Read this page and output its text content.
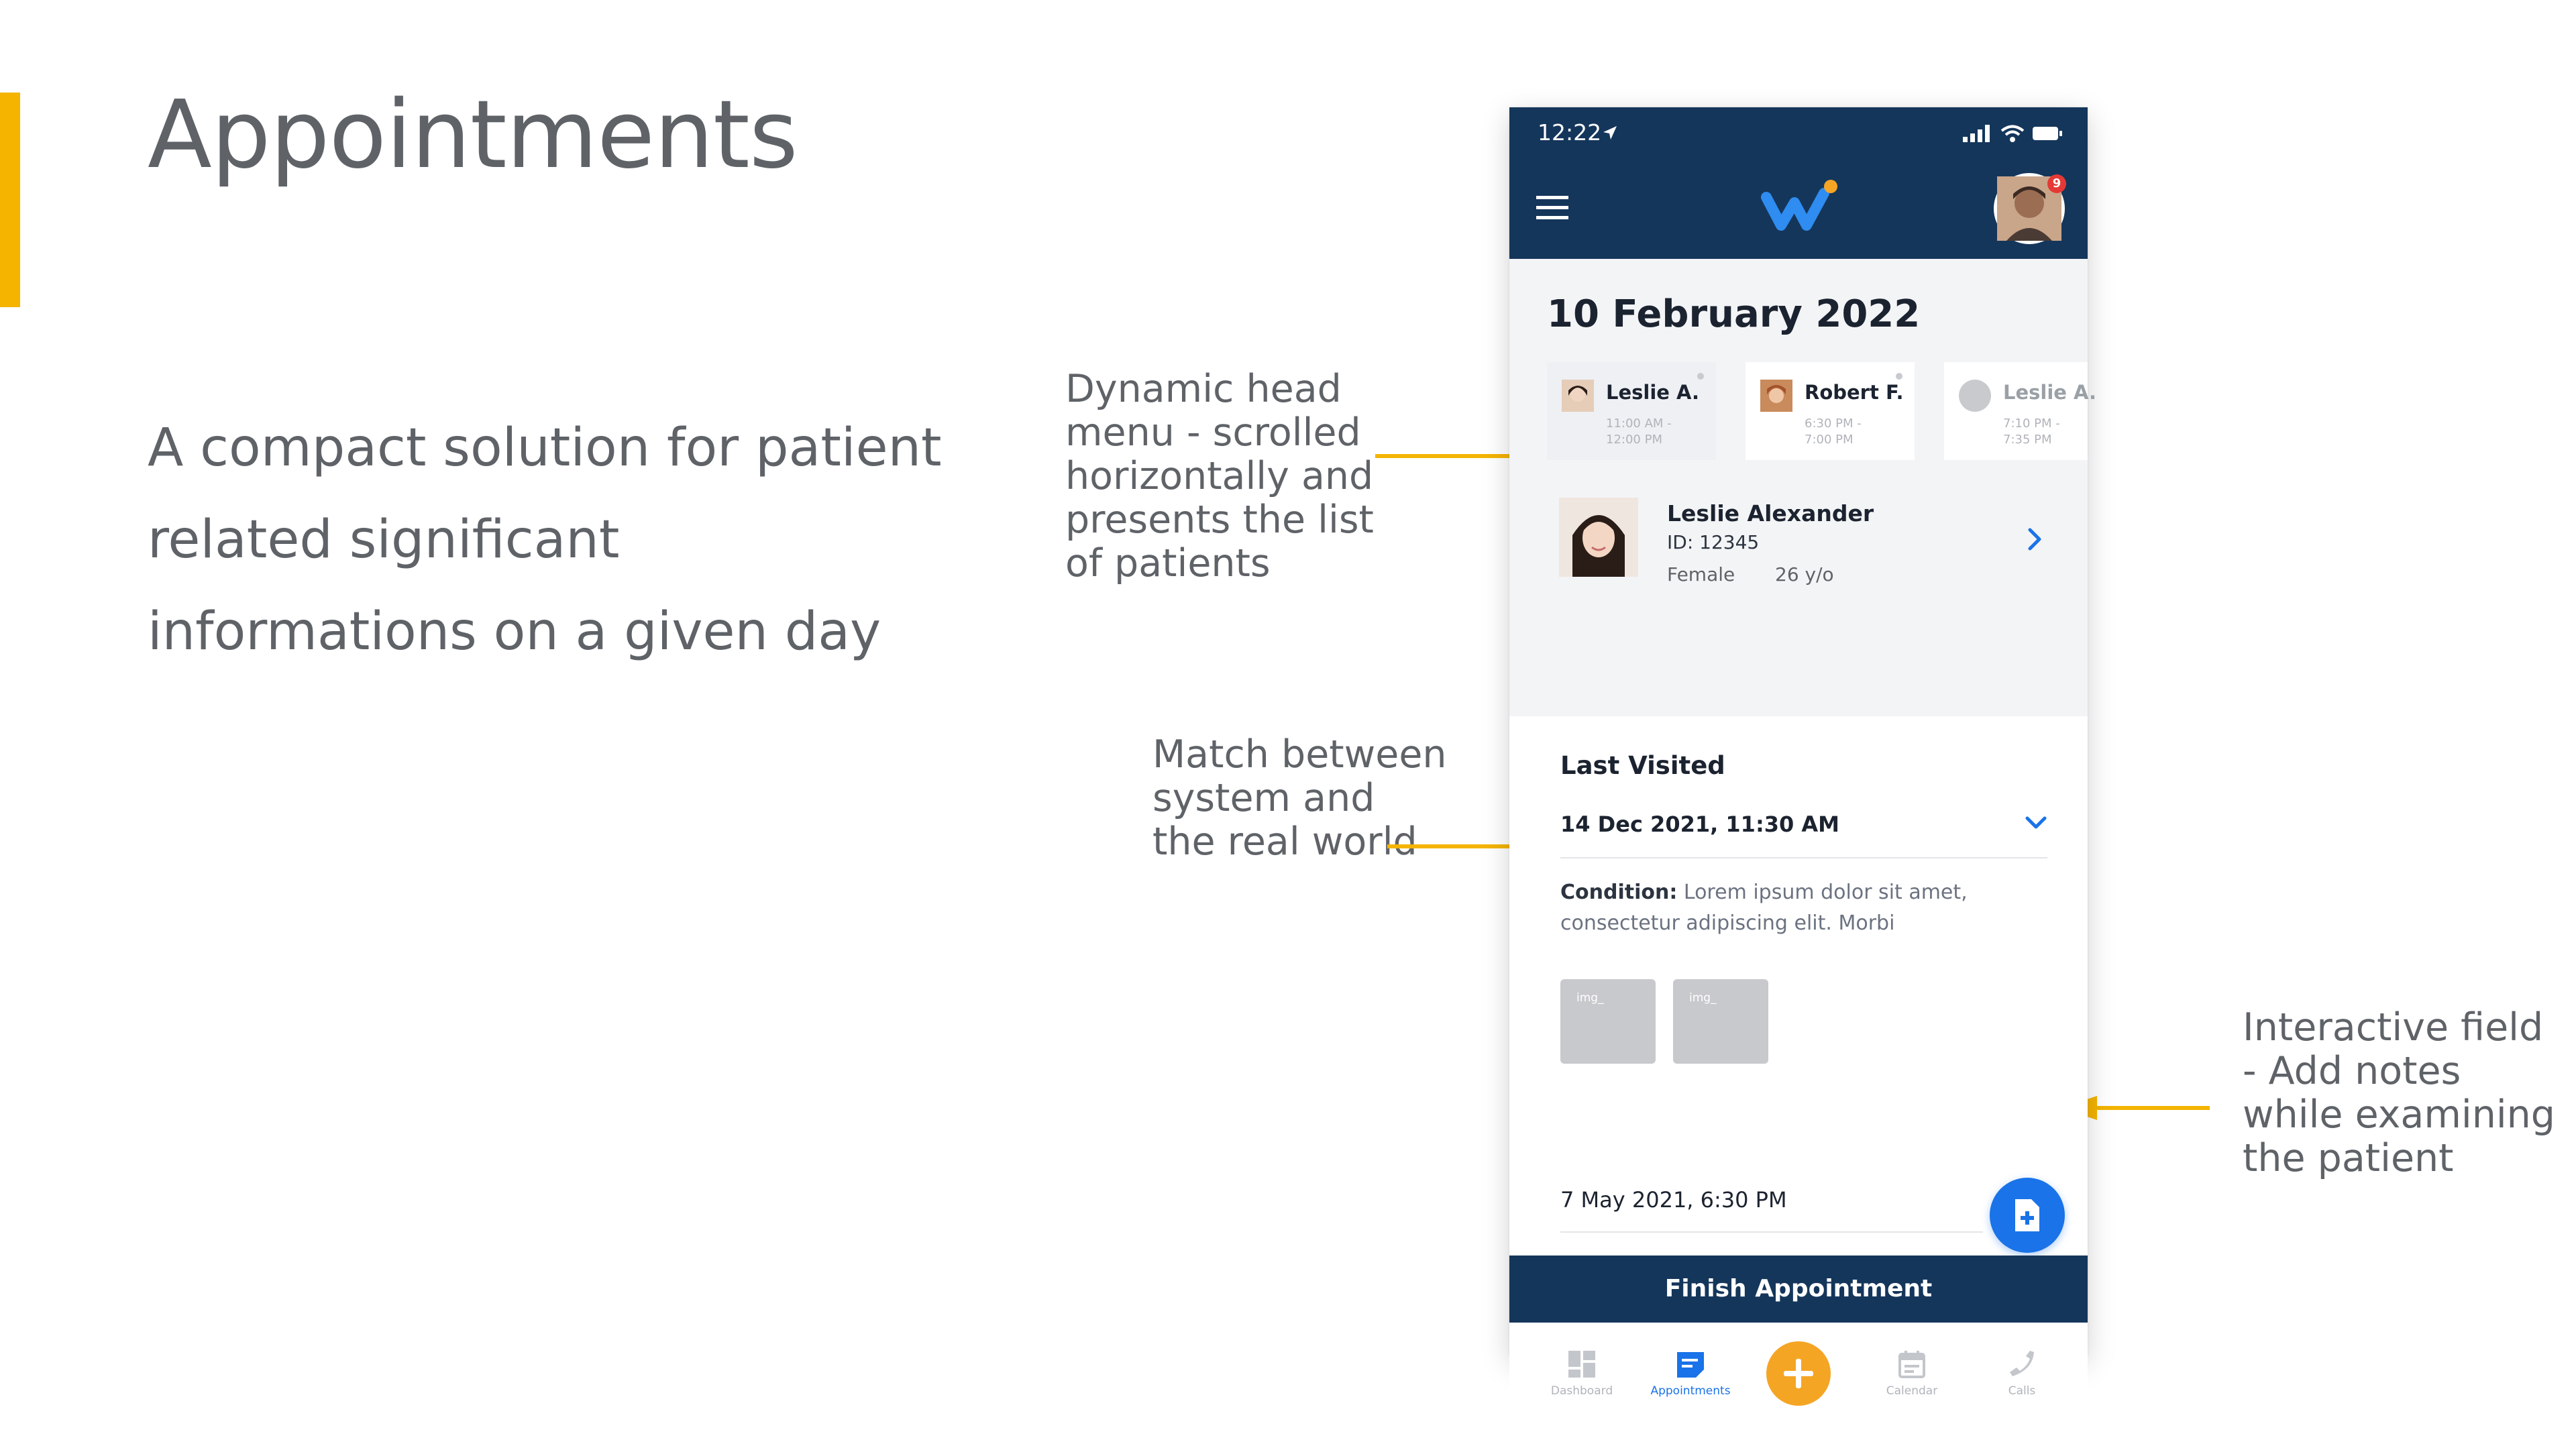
Appointments

A compact solution for patient related significant informations on a given day

Dynamic head menu - scrolled horizontally and presents the list of patients

Match between system and the real world

Interactive field - Add notes while examining the patient

12:22
9
10 February 2022
Leslie A.
11:00 AM - 12:00 PM
Robert F.
6:30 PM - 7:00 PM
Leslie A.
7:10 PM - 7:35 PM
Leslie Alexander
ID: 12345
Female 26 y/o
Last Visited
14 Dec 2021, 11:30 AM

Condition: Lorem ipsum dolor sit amet, consectetur adipiscing elit. Morbi

img_	img_
7 May 2021, 6:30 PM
Finish Appointment
Dashboard	Appointments	Calendar	Calls
